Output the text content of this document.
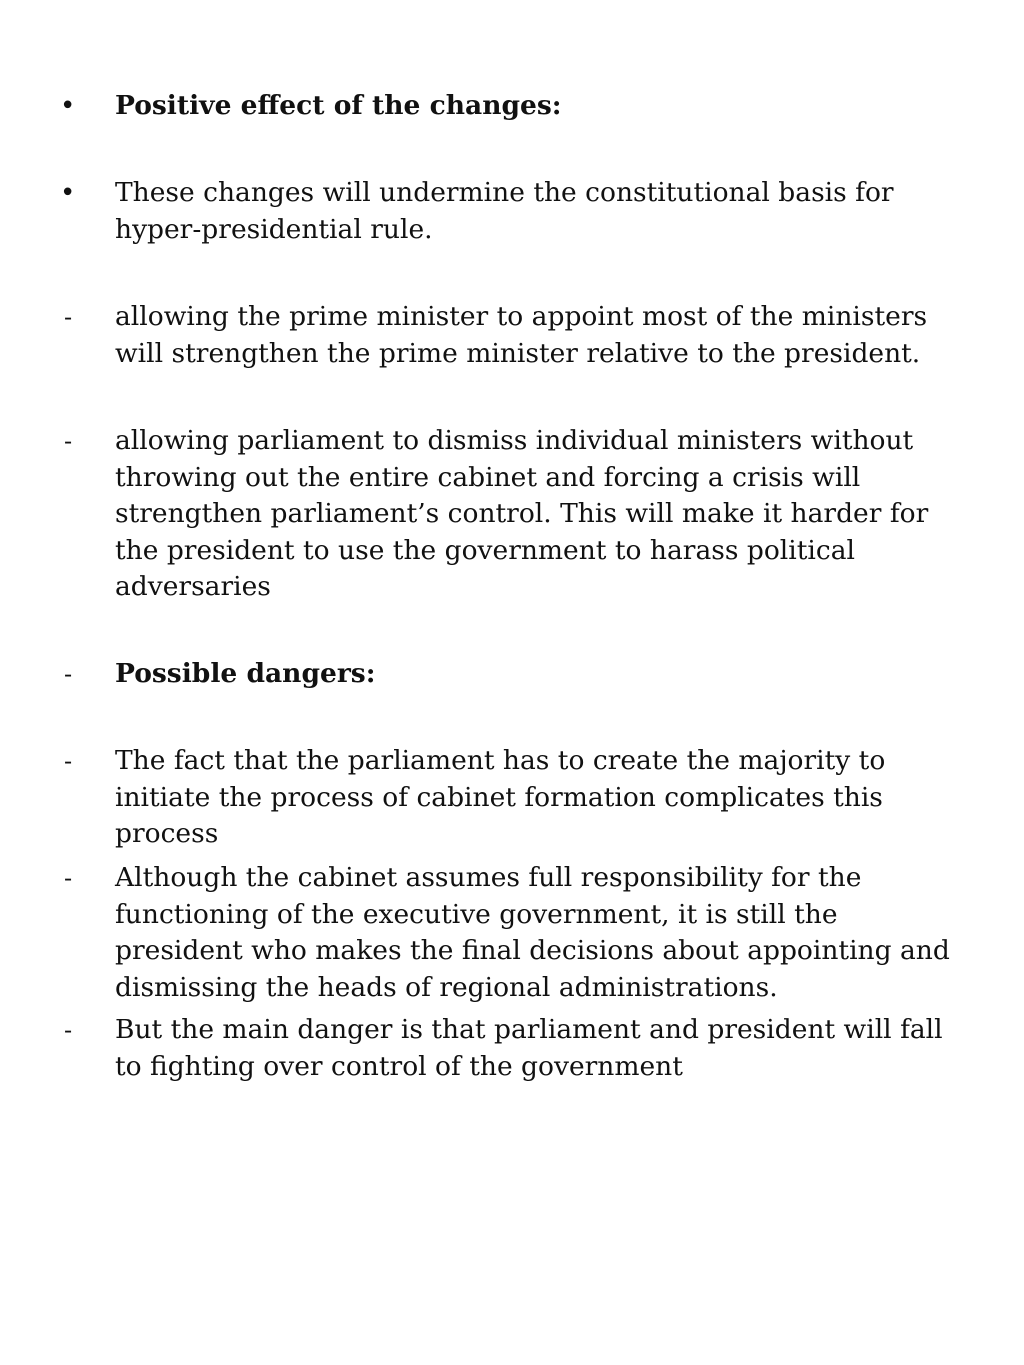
•	Positive effect of the changes:
•	These changes will undermine the constitutional basis for hyper-presidential rule.
-	allowing the prime minister to appoint most of the ministers will strengthen the prime minister relative to the president.
-	allowing parliament to dismiss individual ministers without throwing out the entire cabinet and forcing a crisis will strengthen parliament’s control. This will make it harder for the president to use the government to harass political adversaries
-	Possible dangers:
-	The fact that the parliament has to create the majority to initiate the process of cabinet formation complicates this process
-	Although the cabinet assumes full responsibility for the functioning of the executive government, it is still the president who makes the final decisions about appointing and dismissing the heads of regional administrations.
-	But the main danger is that parliament and president will fall to fighting over control of the government
